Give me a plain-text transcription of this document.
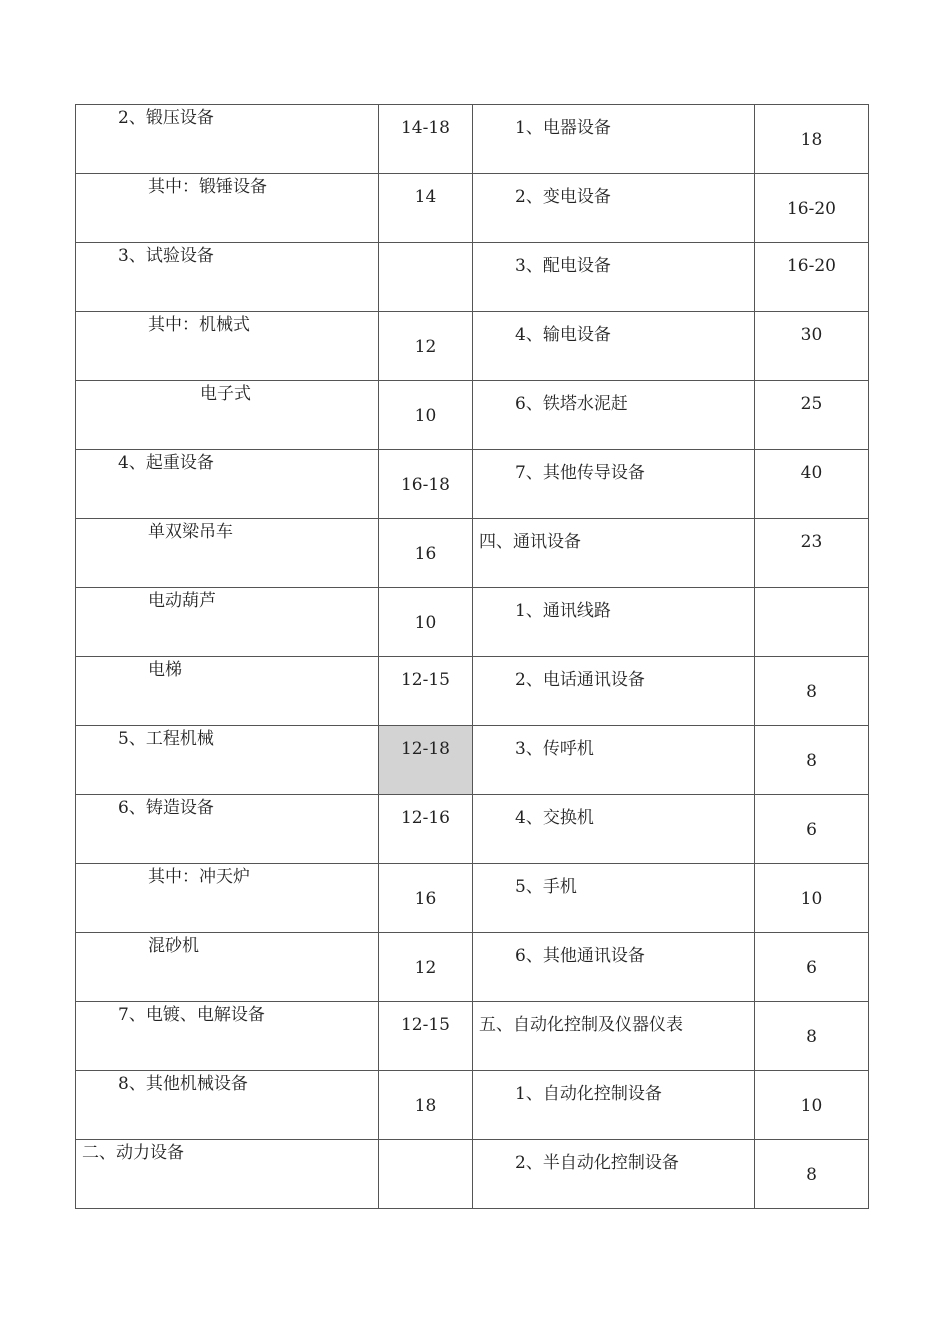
2、锻压设备	14-18	1、电器设备	18

其中：锻锤设备	14	2、变电设备	16-20

3、试验设备		3、配电设备	16-20

其中：机械式	12	4、输电设备	30

电子式	10	6、铁塔水泥赶	25

4、起重设备	16-18	7、其他传导设备	40

单双梁吊车	16	四、通讯设备	23

电动葫芦	10	1、通讯线路	

电梯	12-15	2、电话通讯设备	8

5、工程机械	12-18	3、传呼机	8

6、铸造设备	12-16	4、交换机	6

其中：冲天炉	16	5、手机	10

混砂机	12	6、其他通讯设备	6

7、电镀、电解设备	12-15	五、自动化控制及仪器仪表	8

8、其他机械设备	18	1、自动化控制设备	10

二、动力设备		2、半自动化控制设备	8
